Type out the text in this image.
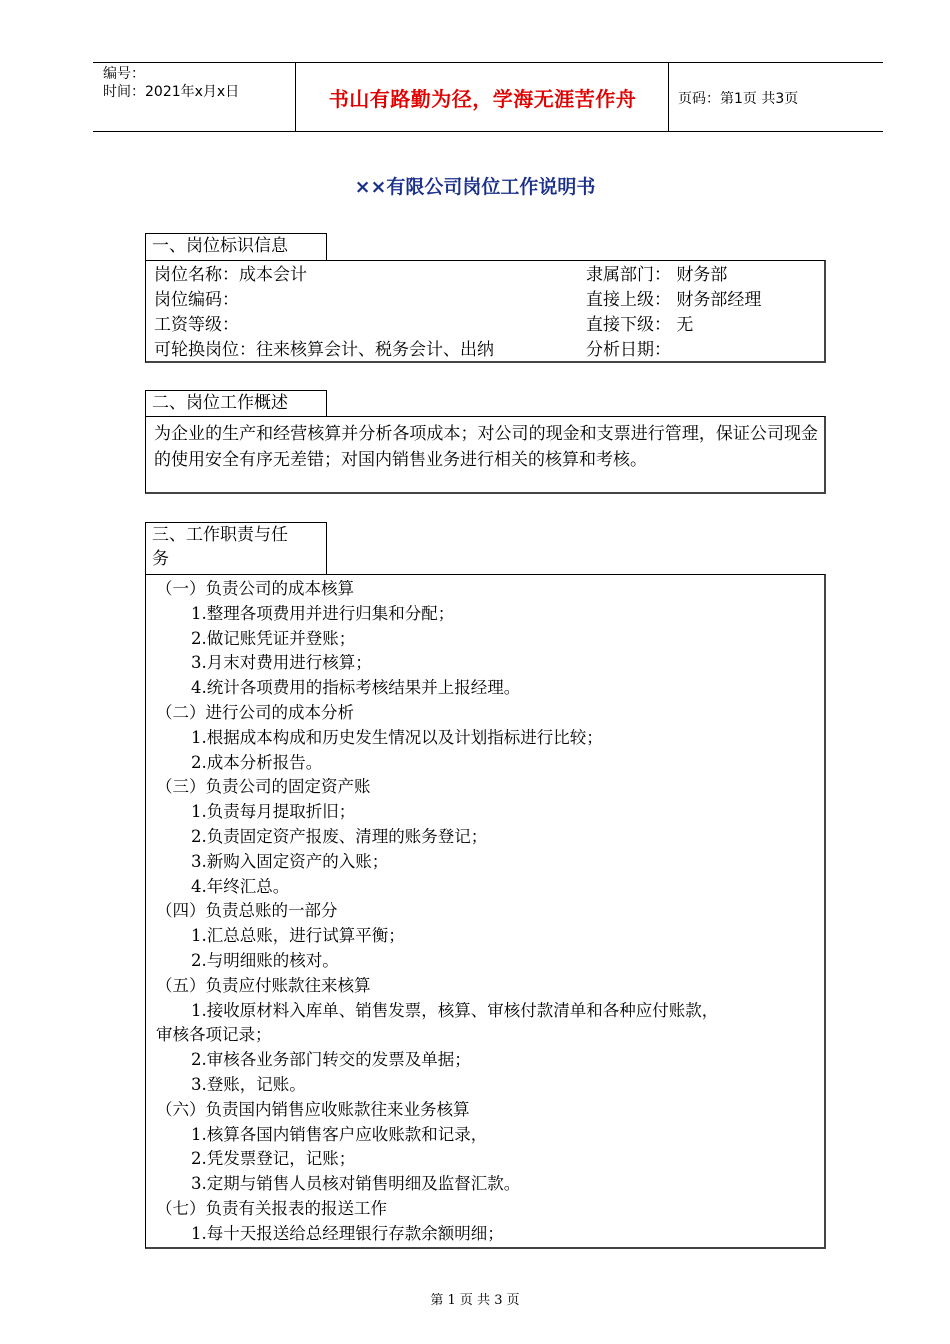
编号：
时间：2021年x月x日	书山有路勤为径，学海无涯苦作舟	页码：第1页 共3页
××有限公司岗位工作说明书
一、岗位标识信息
岗位名称：成本会计	隶属部门： 财务部
岗位编码：	直接上级： 财务部经理
工资等级：	直接下级： 无
可轮换岗位：往来核算会计、税务会计、出纳	分析日期：
二、岗位工作概述
为企业的生产和经营核算并分析各项成本；对公司的现金和支票进行管理，保证公司现金的使用安全有序无差错；对国内销售业务进行相关的核算和考核。
三、工作职责与任
务
（一）负责公司的成本核算
1.整理各项费用并进行归集和分配；
2.做记账凭证并登账；
3.月末对费用进行核算；
4.统计各项费用的指标考核结果并上报经理。
（二）进行公司的成本分析
1.根据成本构成和历史发生情况以及计划指标进行比较；
2.成本分析报告。
（三）负责公司的固定资产账
1.负责每月提取折旧；
2.负责固定资产报废、清理的账务登记；
3.新购入固定资产的入账；
4.年终汇总。
（四）负责总账的一部分
1.汇总总账，进行试算平衡；
2.与明细账的核对。
（五）负责应付账款往来核算
1.接收原材料入库单、销售发票，核算、审核付款清单和各种应付账款，
审核各项记录；
2.审核各业务部门转交的发票及单据；
3.登账，记账。
（六）负责国内销售应收账款往来业务核算
1.核算各国内销售客户应收账款和记录，
2.凭发票登记，记账；
3.定期与销售人员核对销售明细及监督汇款。
（七）负责有关报表的报送工作
1.每十天报送给总经理银行存款余额明细；
第 1 页 共 3 页
